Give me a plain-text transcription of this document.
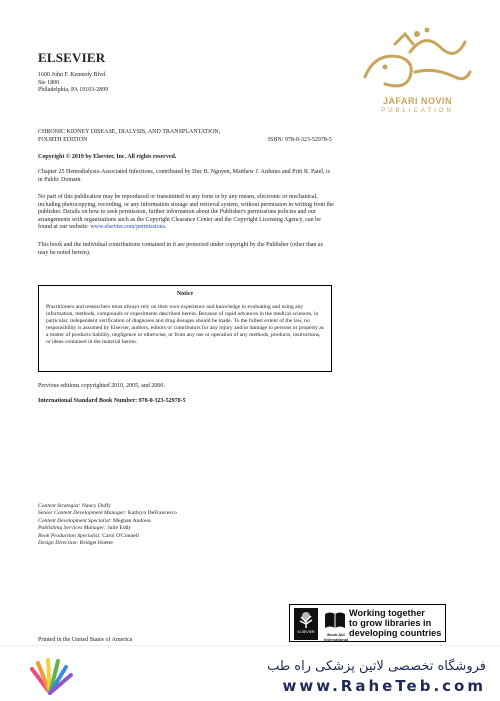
ELSEVIER
1600 John F. Kennedy Blvd.
Ste 1800
Philadelphia, PA 19103-2899
JAFARI NOVIN
PUBLICATION
CHRONIC KIDNEY DISEASE, DIALYSIS, AND TRANSPLANTATION, FOURTH EDITION	ISBN: 978-0-323-52978-5
Copyright © 2019 by Elsevier, Inc. All rights reserved.
Chapter 25 Hemodialysis-Associated Infections, contributed by Duc B. Nguyen, Matthew J. Arduino and Priti R. Patel, is in Public Domain.
No part of this publication may be reproduced or transmitted in any form or by any means, electronic or mechanical, including photocopying, recording, or any information storage and retrieval system, without permission in writing from the publisher. Details on how to seek permission, further information about the Publisher's permissions policies and our arrangements with organizations such as the Copyright Clearance Center and the Copyright Licensing Agency, can be found at our website: www.elsevier.com/permissions.
This book and the individual contributions contained in it are protected under copyright by the Publisher (other than as may be noted herein).
Notice
Practitioners and researchers must always rely on their own experience and knowledge in evaluating and using any information, methods, compounds or experiments described herein. Because of rapid advances in the medical sciences, in particular, independent verification of diagnoses and drug dosages should be made. To the fullest extent of the law, no responsibility is assumed by Elsevier, authors, editors or contributors for any injury and/or damage to persons or property as a matter of products liability, negligence or otherwise, or from any use or operation of any methods, products, instructions, or ideas contained in the material herein.
Previous editions copyrighted 2010, 2005, and 2000.
International Standard Book Number: 978-0-323-52978-5
Content Strategist: Nancy Duffy
Senior Content Development Manager: Kathryn DeFrancesco
Content Development Specialist: Meghan Andress
Publishing Services Manager: Julie Eddy
Book Production Specialist: Carol O'Connell
Design Direction: Bridget Hoette
ELSEVIER	Book Aid International
Working together
to grow libraries in
developing countries
Printed in the United States of America
فروشگاه تخصصی لاتین پزشکی راه طب
www.RaheTeb.com
